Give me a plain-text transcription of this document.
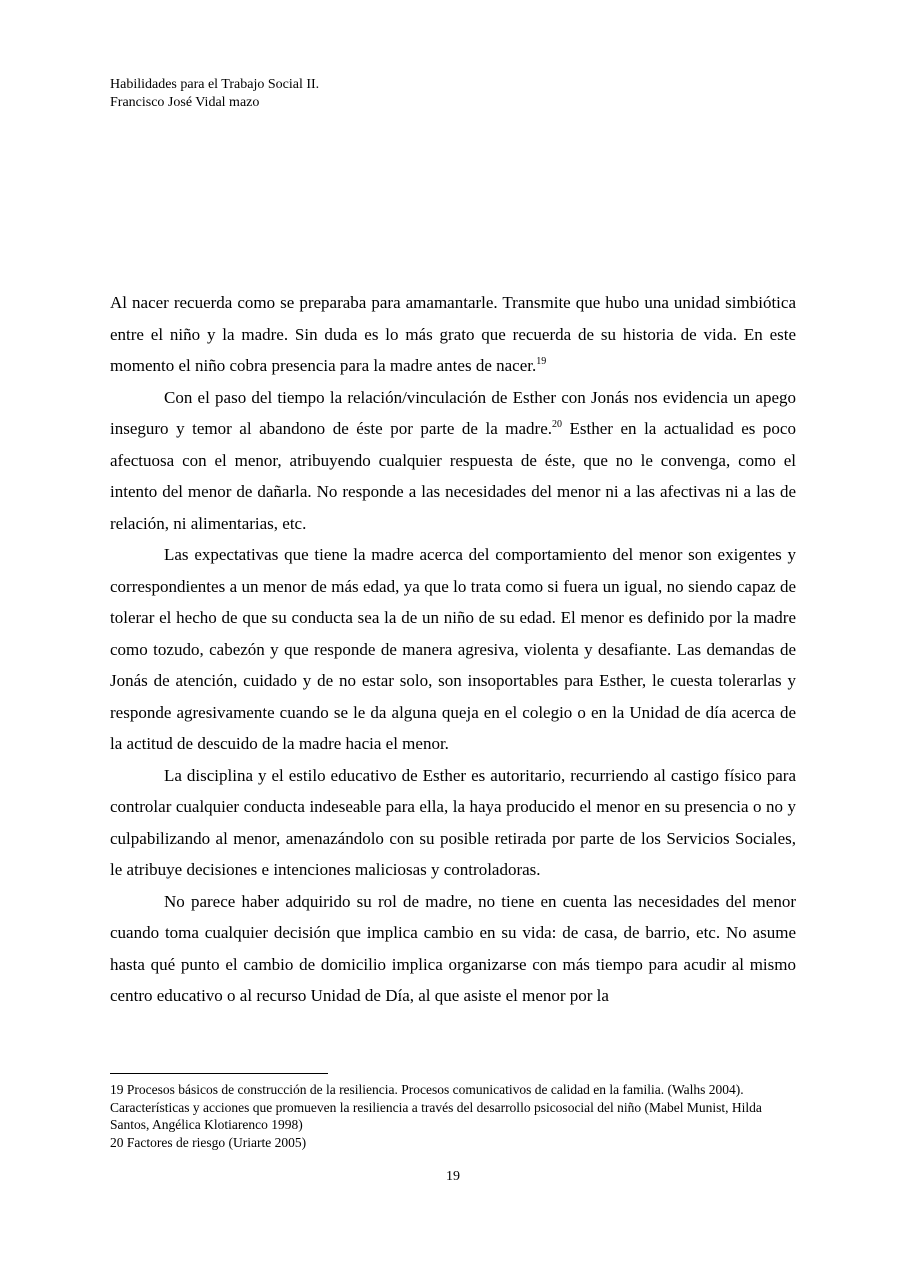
Habilidades para el Trabajo Social II.
Francisco José Vidal mazo

Al nacer recuerda como se preparaba para amamantarle. Transmite que hubo una unidad simbiótica entre el niño y la madre. Sin duda es lo más grato que recuerda de su historia de vida. En este momento el niño cobra presencia para la madre antes de nacer.$^{19}$

Con el paso del tiempo la relación/vinculación de Esther con Jonás nos evidencia un apego inseguro y temor al abandono de éste por parte de la madre.$^{20}$ Esther en la actualidad es poco afectuosa con el menor, atribuyendo cualquier respuesta de éste, que no le convenga, como el intento del menor de dañarla. No responde a las necesidades del menor ni a las afectivas ni a las de relación, ni alimentarias, etc.

Las expectativas que tiene la madre acerca del comportamiento del menor son exigentes y correspondientes a un menor de más edad, ya que lo trata como si fuera un igual, no siendo capaz de tolerar el hecho de que su conducta sea la de un niño de su edad. El menor es definido por la madre como tozudo, cabezón y que responde de manera agresiva, violenta y desafiante. Las demandas de Jonás de atención, cuidado y de no estar solo, son insoportables para Esther, le cuesta tolerarlas y responde agresivamente cuando se le da alguna queja en el colegio o en la Unidad de día acerca de la actitud de descuido de la madre hacia el menor.

La disciplina y el estilo educativo de Esther es autoritario, recurriendo al castigo físico para controlar cualquier conducta indeseable para ella, la haya producido el menor en su presencia o no y culpabilizando al menor, amenazándolo con su posible retirada por parte de los Servicios Sociales, le atribuye decisiones e intenciones maliciosas y controladoras.

No parece haber adquirido su rol de madre, no tiene en cuenta las necesidades del menor cuando toma cualquier decisión que implica cambio en su vida: de casa, de barrio, etc. No asume hasta qué punto el cambio de domicilio implica organizarse con más tiempo para acudir al mismo centro educativo o al recurso Unidad de Día, al que asiste el menor por la

19 Procesos básicos de construcción de la resiliencia. Procesos comunicativos de calidad en la familia. (Walhs 2004). Características y acciones que promueven la resiliencia a través del desarrollo psicosocial del niño (Mabel Munist, Hilda Santos, Angélica Klotiarenco 1998)

20 Factores de riesgo (Uriarte 2005)

19
